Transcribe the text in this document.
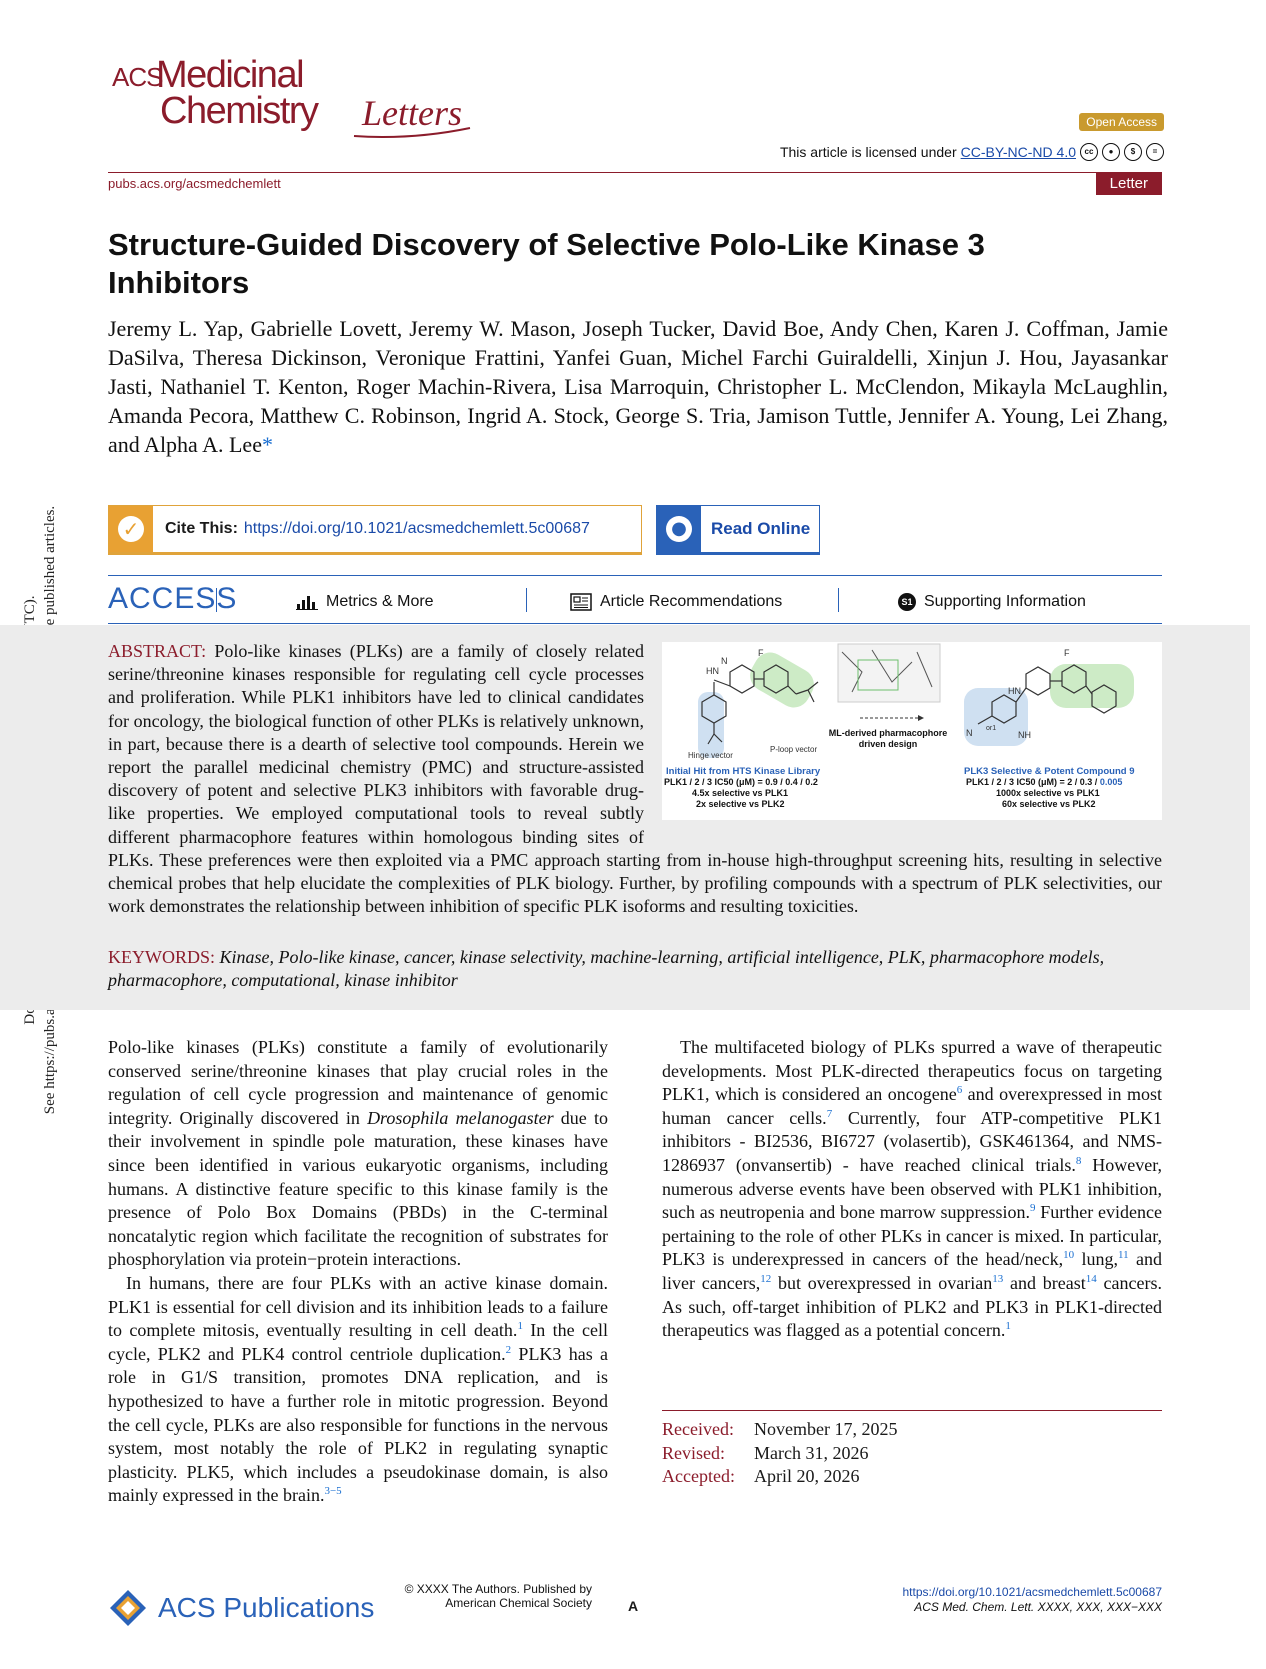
ACS
Medicinal
Chemistry Letters	Open Access
This article is licensed under CC-BY-NC-ND 4.0	cc	●	$	=
pubs.acs.org/acsmedchemlett	Letter
Structure-Guided Discovery of Selective Polo-Like Kinase 3
Inhibitors
Jeremy L. Yap, Gabrielle Lovett, Jeremy W. Mason, Joseph Tucker, David Boe, Andy Chen, Karen J. Coffman, Jamie DaSilva, Theresa Dickinson, Veronique Frattini, Yanfei Guan, Michel Farchi Guiraldelli, Xinjun J. Hou, Jayasankar Jasti, Nathaniel T. Kenton, Roger Machin-Rivera, Lisa Marroquin, Christopher L. McClendon, Mikayla McLaughlin, Amanda Pecora, Matthew C. Robinson, Ingrid A. Stock, George S. Tria, Jamison Tuttle, Jennifer A. Young, Lei Zhang, and Alpha A. Lee*
✓ Cite This: https://doi.org/10.1021/acsmedchemlett.5c00687	●	Read Online
ACCESS	Metrics & More	Article Recommendations	S1 Supporting Information
HN
F
N
P-loop vector
Hinge vector
ML-derived pharmacophore
driven design
F
HN
N or1
NH
Initial Hit from HTS Kinase Library
PLK1 / 2 / 3 IC50 (μM) = 0.9 / 0.4 / 0.2
4.5x selective vs PLK1
2x selective vs PLK2
PLK3 Selective & Potent Compound 9
PLK1 / 2 / 3 IC50 (μM) = 2 / 0.3 / 0.005
1000x selective vs PLK1
60x selective vs PLK2
ABSTRACT: Polo-like kinases (PLKs) are a family of closely related serine/threonine kinases responsible for regulating cell cycle processes and proliferation. While PLK1 inhibitors have led to clinical candidates for oncology, the biological function of other PLKs is relatively unknown, in part, because there is a dearth of selective tool compounds. Herein we report the parallel medicinal chemistry (PMC) and structure-assisted discovery of potent and selective PLK3 inhibitors with favorable drug-like properties. We employed computational tools to reveal subtly different pharmacophore features within homologous binding sites of PLKs. These preferences were then exploited via a PMC approach starting from in-house high-throughput screening hits, resulting in selective chemical probes that help elucidate the complexities of PLK biology. Further, by profiling compounds with a spectrum of PLK selectivities, our work demonstrates the relationship between inhibition of specific PLK isoforms and resulting toxicities.
KEYWORDS: Kinase, Polo-like kinase, cancer, kinase selectivity, machine-learning, artificial intelligence, PLK, pharmacophore models, pharmacophore, computational, kinase inhibitor

Polo-like kinases (PLKs) constitute a family of evolutionarily conserved serine/threonine kinases that play crucial roles in the regulation of cell cycle progression and maintenance of genomic integrity. Originally discovered in Drosophila melanogaster due to their involvement in spindle pole maturation, these kinases have since been identified in various eukaryotic organisms, including humans. A distinctive feature specific to this kinase family is the presence of Polo Box Domains (PBDs) in the C-terminal noncatalytic region which facilitate the recognition of substrates for phosphorylation via protein−protein interactions.

In humans, there are four PLKs with an active kinase domain. PLK1 is essential for cell division and its inhibition leads to a failure to complete mitosis, eventually resulting in cell death.$^1$ In the cell cycle, PLK2 and PLK4 control centriole duplication.$^2$ PLK3 has a role in G1/S transition, promotes DNA replication, and is hypothesized to have a further role in mitotic progression. Beyond the cell cycle, PLKs are also responsible for functions in the nervous system, most notably the role of PLK2 in regulating synaptic plasticity. PLK5, which includes a pseudokinase domain, is also mainly expressed in the brain.$^{3-5}$

The multifaceted biology of PLKs spurred a wave of therapeutic developments. Most PLK-directed therapeutics focus on targeting PLK1, which is considered an oncogene$^6$ and overexpressed in most human cancer cells.$^7$ Currently, four ATP-competitive PLK1 inhibitors - BI2536, BI6727 (volasertib), GSK461364, and NMS-1286937 (onvansertib) - have reached clinical trials.$^8$ However, numerous adverse events have been observed with PLK1 inhibition, such as neutropenia and bone marrow suppression.$^9$ Further evidence pertaining to the role of other PLKs in cancer is mixed. In particular, PLK3 is underexpressed in cancers of the head/neck,$^{10}$ lung,$^{11}$ and liver cancers,$^{12}$ but overexpressed in ovarian$^{13}$ and breast$^{14}$ cancers. As such, off-target inhibition of PLK2 and PLK3 in PLK1-directed therapeutics was flagged as a potential concern.$^1$

Received: November 17, 2025
Revised: March 31, 2026
Accepted: April 20, 2026
ACS Publications
© XXXX The Authors. Published by
American Chemical Society	A
https://doi.org/10.1021/acsmedchemlett.5c00687
ACS Med. Chem. Lett. XXXX, XXX, XXX−XXX
